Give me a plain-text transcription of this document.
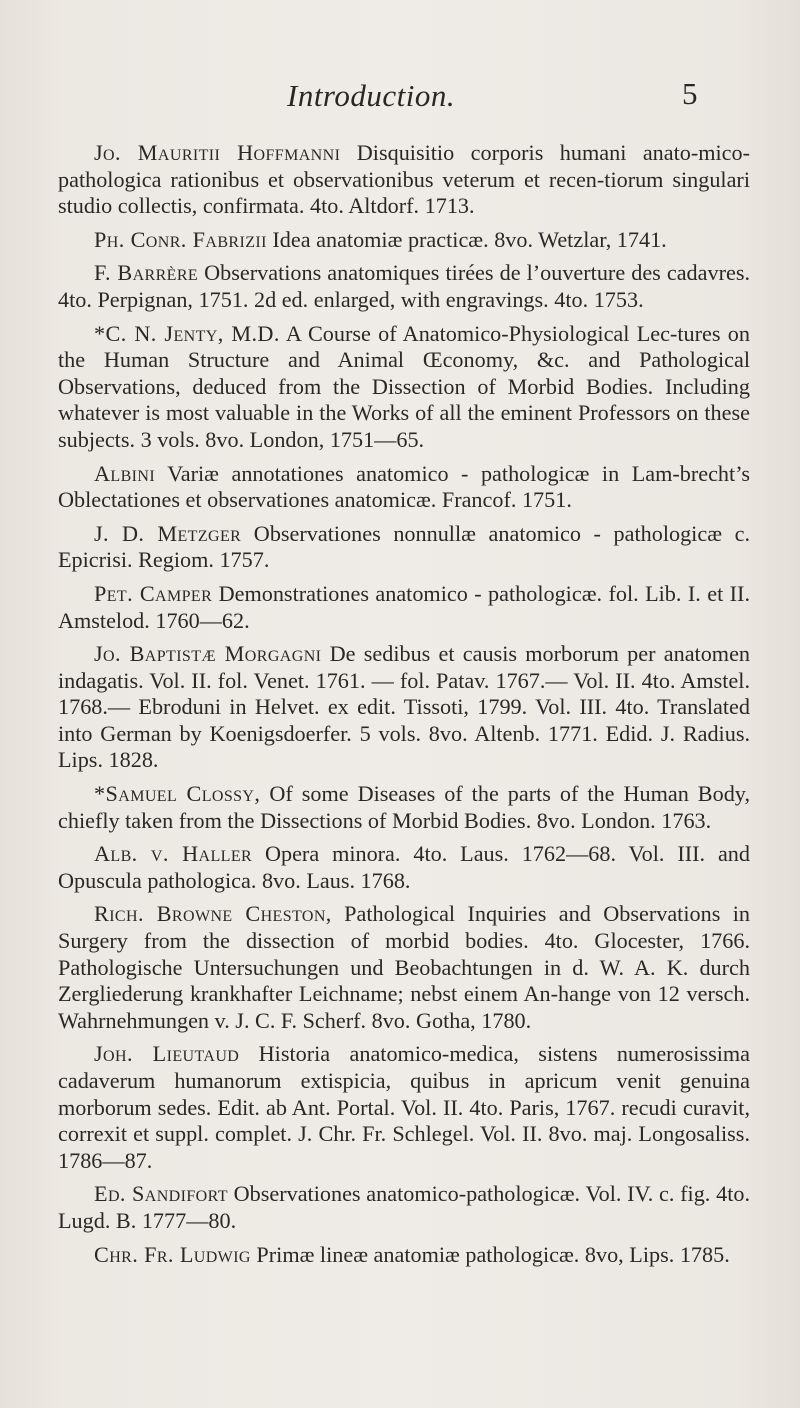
Introduction.	5

Jo. Mauritii Hoffmanni Disquisitio corporis humani anato-mico-pathologica rationibus et observationibus veterum et recen-tiorum singulari studio collectis, confirmata. 4to. Altdorf. 1713.

Ph. Conr. Fabrizii Idea anatomiæ practicæ. 8vo. Wetzlar, 1741.

F. Barrère Observations anatomiques tirées de l’ouverture des cadavres. 4to. Perpignan, 1751. 2d ed. enlarged, with engravings. 4to. 1753.

*C. N. Jenty, M.D. A Course of Anatomico-Physiological Lec-tures on the Human Structure and Animal Œconomy, &c. and Pathological Observations, deduced from the Dissection of Morbid Bodies. Including whatever is most valuable in the Works of all the eminent Professors on these subjects. 3 vols. 8vo. London, 1751—65.

Albini Variæ annotationes anatomico - pathologicæ in Lam-brecht’s Oblectationes et observationes anatomicæ. Francof. 1751.

J. D. Metzger Observationes nonnullæ anatomico - pathologicæ c. Epicrisi. Regiom. 1757.

Pet. Camper Demonstrationes anatomico - pathologicæ. fol. Lib. I. et II. Amstelod. 1760—62.

Jo. Baptistæ Morgagni De sedibus et causis morborum per anatomen indagatis. Vol. II. fol. Venet. 1761. — fol. Patav. 1767.— Vol. II. 4to. Amstel. 1768.— Ebroduni in Helvet. ex edit. Tissoti, 1799. Vol. III. 4to. Translated into German by Koenigsdoerfer. 5 vols. 8vo. Altenb. 1771. Edid. J. Radius. Lips. 1828.

*Samuel Clossy, Of some Diseases of the parts of the Human Body, chiefly taken from the Dissections of Morbid Bodies. 8vo. London. 1763.

Alb. v. Haller Opera minora. 4to. Laus. 1762—68. Vol. III. and Opuscula pathologica. 8vo. Laus. 1768.

Rich. Browne Cheston, Pathological Inquiries and Observations in Surgery from the dissection of morbid bodies. 4to. Glocester, 1766. Pathologische Untersuchungen und Beobachtungen in d. W. A. K. durch Zergliederung krankhafter Leichname; nebst einem An-hange von 12 versch. Wahrnehmungen v. J. C. F. Scherf. 8vo. Gotha, 1780.

Joh. Lieutaud Historia anatomico-medica, sistens numerosissima cadaverum humanorum extispicia, quibus in apricum venit genuina morborum sedes. Edit. ab Ant. Portal. Vol. II. 4to. Paris, 1767. recudi curavit, correxit et suppl. complet. J. Chr. Fr. Schlegel. Vol. II. 8vo. maj. Longosaliss. 1786—87.

Ed. Sandifort Observationes anatomico-pathologicæ. Vol. IV. c. fig. 4to. Lugd. B. 1777—80.

Chr. Fr. Ludwig Primæ lineæ anatomiæ pathologicæ. 8vo, Lips. 1785.
